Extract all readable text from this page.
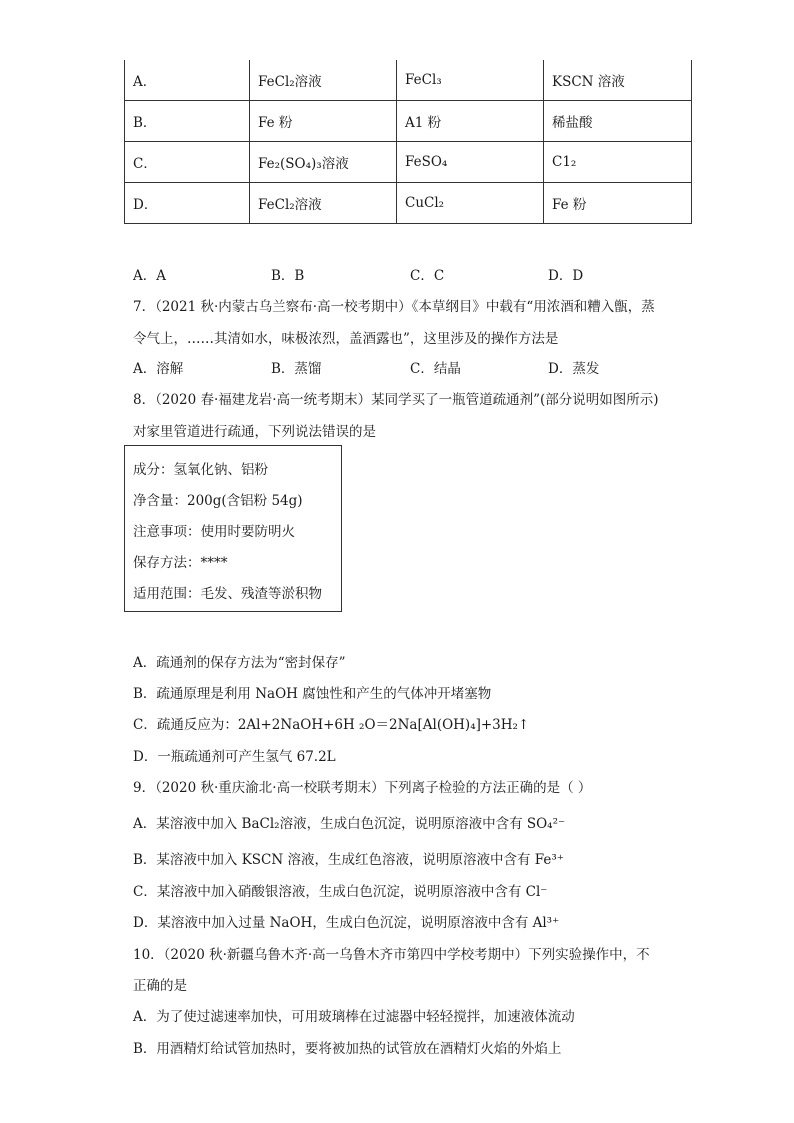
A．	FeCl₂溶液	FeCl₃	KSCN 溶液
B．	Fe 粉	A1 粉	稀盐酸
C．	Fe₂(SO₄)₃溶液	FeSO₄	C1₂
D．	FeCl₂溶液	CuCl₂	Fe 粉
A．A	B．B	C．C	D．D
7．（2021 秋·内蒙古乌兰察布·高一校考期中）《本草纲目》中载有“用浓酒和糟入甑，蒸
令气上，……其清如水，味极浓烈，盖酒露也”，这里涉及的操作方法是
A．溶解	B．蒸馏	C．结晶	D．蒸发
8．（2020 春·福建龙岩·高一统考期末）某同学买了一瓶管道疏通剂”(部分说明如图所示)
对家里管道进行疏通，下列说法错误的是
成分：氢氧化钠、铝粉
净含量：200g(含铝粉 54g)
注意事项：使用时要防明火
保存方法：****
适用范围：毛发、残渣等淤积物
A．疏通剂的保存方法为“密封保存”
B．疏通原理是利用 NaOH 腐蚀性和产生的气体冲开堵塞物
C．疏通反应为：2Al+2NaOH+6H ₂O＝2Na[Al(OH)₄]+3H₂↑
D．一瓶疏通剂可产生氢气 67.2L
9．（2020 秋·重庆渝北·高一校联考期末）下列离子检验的方法正确的是（ ）
A．某溶液中加入 BaCl₂溶液，生成白色沉淀，说明原溶液中含有 SO₄²⁻
B．某溶液中加入 KSCN 溶液，生成红色溶液，说明原溶液中含有 Fe³⁺
C．某溶液中加入硝酸银溶液，生成白色沉淀，说明原溶液中含有 Cl⁻
D．某溶液中加入过量 NaOH，生成白色沉淀，说明原溶液中含有 Al³⁺
10．（2020 秋·新疆乌鲁木齐·高一乌鲁木齐市第四中学校考期中）下列实验操作中，不
正确的是
A．为了使过滤速率加快，可用玻璃棒在过滤器中轻轻搅拌，加速液体流动
B．用酒精灯给试管加热时，要将被加热的试管放在酒精灯火焰的外焰上
